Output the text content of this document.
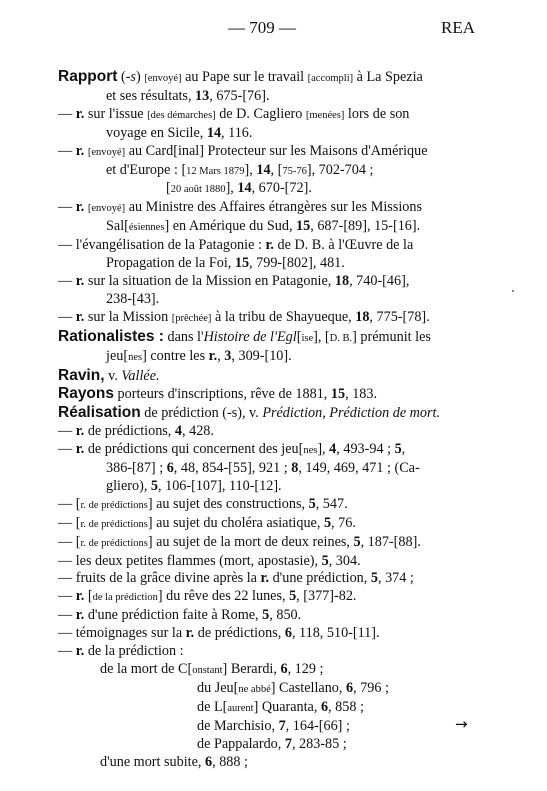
— 709 —	REA
Rapport (-s) [envoyé] au Pape sur le travail [accompli] à La Spezia
et ses résultats, 13, 675-[76].
— r. sur l'issue [des démarches] de D. Cagliero [menées] lors de son
voyage en Sicile, 14, 116.
— r. [envoyé] au Card[inal] Protecteur sur les Maisons d'Amérique
et d'Europe : [12 Mars 1879], 14, [75-76], 702-704 ;
[20 août 1880], 14, 670-[72].
— r. [envoyé] au Ministre des Affaires étrangères sur les Missions
Sal[ésiennes] en Amérique du Sud, 15, 687-[89], 15-[16].
— l'évangélisation de la Patagonie : r. de D. B. à l'Œuvre de la
Propagation de la Foi, 15, 799-[802], 481.
— r. sur la situation de la Mission en Patagonie, 18, 740-[46],
238-[43].
— r. sur la Mission [prêchée] à la tribu de Shayueque, 18, 775-[78].
Rationalistes : dans l'Histoire de l'Egl[ise], [D. B.] prémunit les
jeu[nes] contre les r., 3, 309-[10].
Ravin, v. Vallée.
Rayons porteurs d'inscriptions, rêve de 1881, 15, 183.
Réalisation de prédiction (-s), v. Prédiction, Prédiction de mort.
— r. de prédictions, 4, 428.
— r. de prédictions qui concernent des jeu[nes], 4, 493-94 ; 5,
386-[87] ; 6, 48, 854-[55], 921 ; 8, 149, 469, 471 ; (Ca-
gliero), 5, 106-[107], 110-[12].
— [r. de prédictions] au sujet des constructions, 5, 547.
— [r. de prédictions] au sujet du choléra asiatique, 5, 76.
— [r. de prédictions] au sujet de la mort de deux reines, 5, 187-[88].
— les deux petites flammes (mort, apostasie), 5, 304.
— fruits de la grâce divine après la r. d'une prédiction, 5, 374 ;
— r. [de la prédiction] du rêve des 22 lunes, 5, [377]-82.
— r. d'une prédiction faite à Rome, 5, 850.
— témoignages sur la r. de prédictions, 6, 118, 510-[11].
— r. de la prédiction :
de la mort de C[onstant] Berardi, 6, 129 ;
du Jeu[ne abbé] Castellano, 6, 796 ;
de L[aurent] Quaranta, 6, 858 ;
de Marchisio, 7, 164-[66] ;
de Pappalardo, 7, 283-85 ;
d'une mort subite, 6, 888 ;
→
